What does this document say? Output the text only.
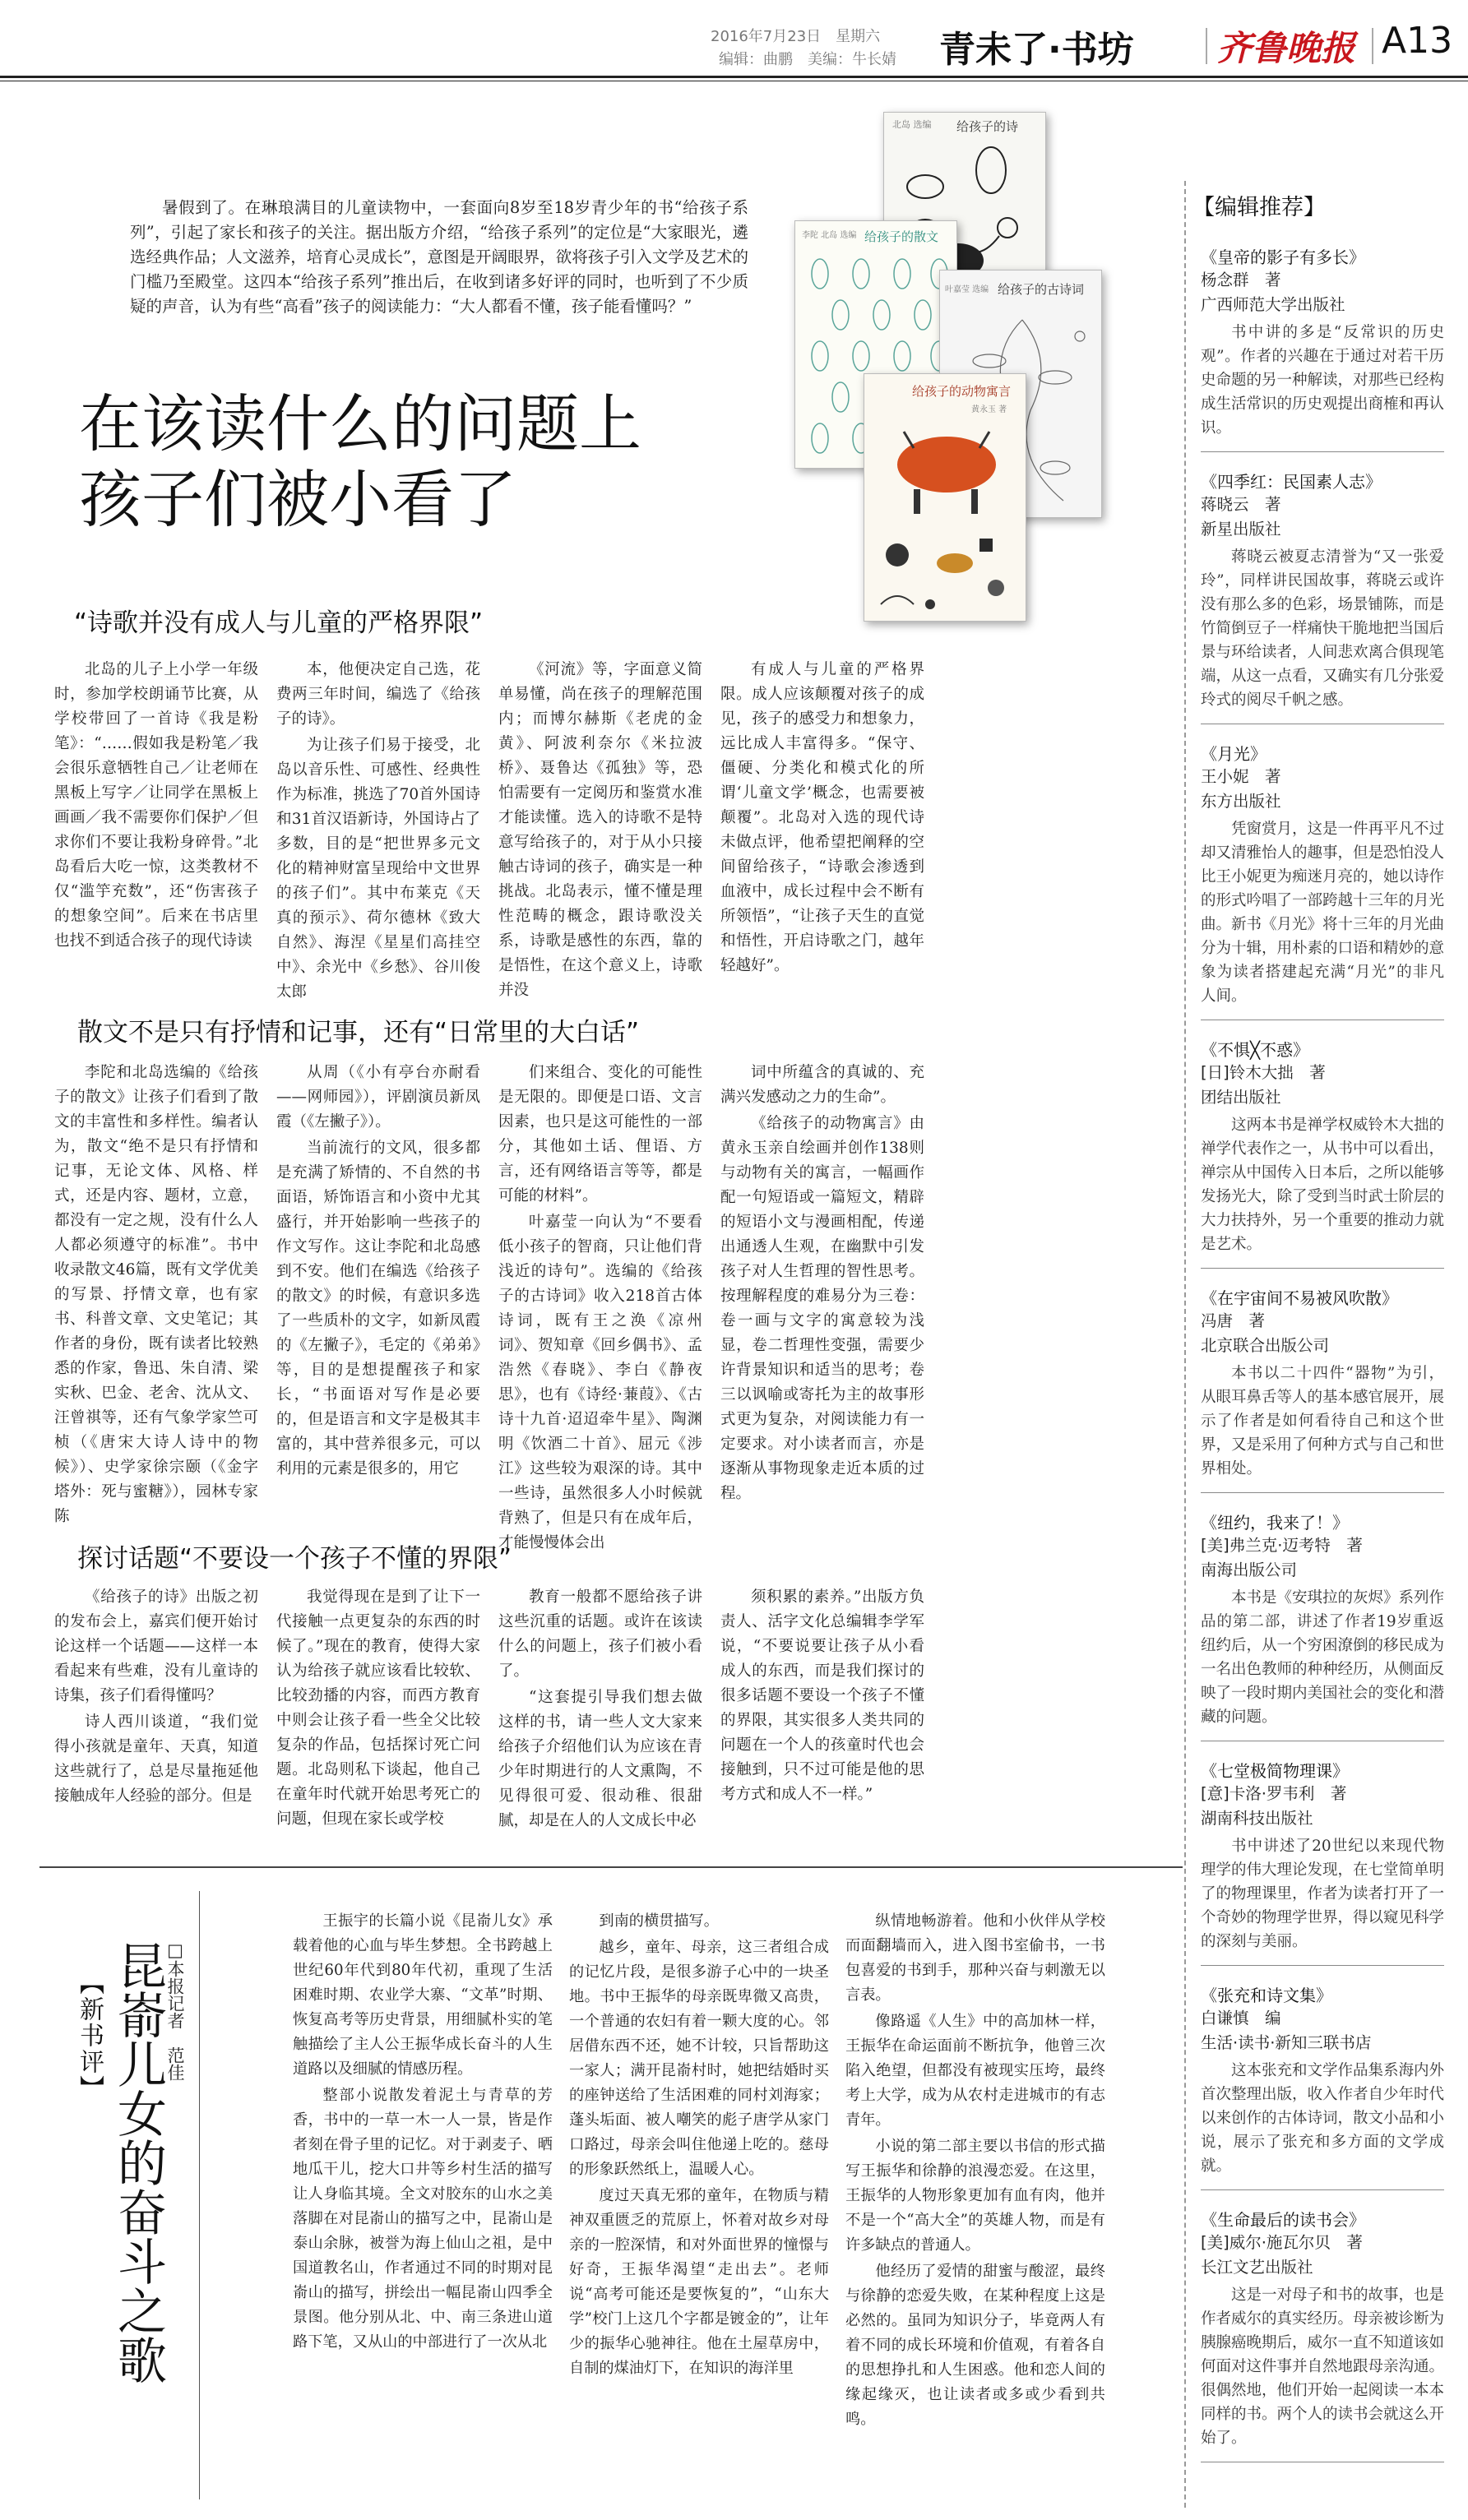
2016年7月23日　星期六
编辑：曲鹏　美编：牛长婧 青未了·书坊 齐鲁晚报 A13
暑假到了。在琳琅满目的儿童读物中，一套面向8岁至18岁青少年的书“给孩子系列”，引起了家长和孩子的关注。据出版方介绍，“给孩子系列”的定位是“大家眼光，遴选经典作品；人文滋养，培育心灵成长”，意图是开阔眼界，欲将孩子引入文学及艺术的门槛乃至殿堂。这四本“给孩子系列”推出后，在收到诸多好评的同时，也听到了不少质疑的声音，认为有些“高看”孩子的阅读能力：“大人都看不懂，孩子能看懂吗？”
北岛 选编 给孩子的诗
李陀 北岛 选编 给孩子的散文
叶嘉莹 选编 给孩子的古诗词
给孩子的动物寓言
黄永玉 著
在该读什么的问题上
孩子们被小看了
“诗歌并没有成人与儿童的严格界限”

北岛的儿子上小学一年级时，参加学校朗诵节比赛，从学校带回了一首诗《我是粉笔》：“……假如我是粉笔／我会很乐意牺牲自己／让老师在黑板上写字／让同学在黑板上画画／我不需要你们保护／但求你们不要让我粉身碎骨。”北岛看后大吃一惊，这类教材不仅“滥竽充数”，还“伤害孩子的想象空间”。后来在书店里也找不到适合孩子的现代诗读

本，他便决定自己选，花费两三年时间，编选了《给孩子的诗》。

为让孩子们易于接受，北岛以音乐性、可感性、经典性作为标准，挑选了70首外国诗和31首汉语新诗，外国诗占了多数，目的是“把世界多元文化的精神财富呈现给中文世界的孩子们”。其中布莱克《天真的预示》、荷尔德林《致大自然》、海涅《星星们高挂空中》、余光中《乡愁》、谷川俊太郎

《河流》等，字面意义简单易懂，尚在孩子的理解范围内；而博尔赫斯《老虎的金黄》、阿波利奈尔《米拉波桥》、聂鲁达《孤独》等，恐怕需要有一定阅历和鉴赏水准才能读懂。选入的诗歌不是特意写给孩子的，对于从小只接触古诗词的孩子，确实是一种挑战。北岛表示，懂不懂是理性范畴的概念，跟诗歌没关系，诗歌是感性的东西，靠的是悟性，在这个意义上，诗歌并没

有成人与儿童的严格界限。成人应该颠覆对孩子的成见，孩子的感受力和想象力，远比成人丰富得多。“保守、僵硬、分类化和模式化的所谓‘儿童文学’概念，也需要被颠覆”。北岛对入选的现代诗未做点评，他希望把阐释的空间留给孩子，“诗歌会渗透到血液中，成长过程中会不断有所领悟”，“让孩子天生的直觉和悟性，开启诗歌之门，越年轻越好”。

散文不是只有抒情和记事，还有“日常里的大白话”

李陀和北岛选编的《给孩子的散文》让孩子们看到了散文的丰富性和多样性。编者认为，散文“绝不是只有抒情和记事，无论文体、风格、样式，还是内容、题材，立意，都没有一定之规，没有什么人人都必须遵守的标准”。书中收录散文46篇，既有文学优美的写景、抒情文章，也有家书、科普文章、文史笔记；其作者的身份，既有读者比较熟悉的作家，鲁迅、朱自清、梁实秋、巴金、老舍、沈从文、汪曾祺等，还有气象学家竺可桢（《唐宋大诗人诗中的物候》）、史学家徐宗颐（《金字塔外：死与蜜糖》），园林专家陈

从周（《小有亭台亦耐看——网师园》），评剧演员新凤霞（《左撇子》）。

当前流行的文风，很多都是充满了矫情的、不自然的书面语，矫饰语言和小资中尤其盛行，并开始影响一些孩子的作文写作。这让李陀和北岛感到不安。他们在编选《给孩子的散文》的时候，有意识多选了一些质朴的文字，如新凤霞的《左撇子》，毛定的《弟弟》等，目的是想提醒孩子和家长，“书面语对写作是必要的，但是语言和文字是极其丰富的，其中营养很多元，可以利用的元素是很多的，用它

们来组合、变化的可能性是无限的。即便是口语、文言因素，也只是这可能性的一部分，其他如土话、俚语、方言，还有网络语言等等，都是可能的材料”。

叶嘉莹一向认为“不要看低小孩子的智商，只让他们背浅近的诗句”。选编的《给孩子的古诗词》收入218首古体诗词，既有王之涣《凉州词》、贺知章《回乡偶书》、孟浩然《春晓》、李白《静夜思》，也有《诗经·蒹葭》、《古诗十九首·迢迢牵牛星》、陶渊明《饮酒二十首》、屈元《涉江》这些较为艰深的诗。其中一些诗，虽然很多人小时候就背熟了，但是只有在成年后，才能慢慢体会出

词中所蕴含的真诚的、充满兴发感动之力的生命”。

《给孩子的动物寓言》由黄永玉亲自绘画并创作138则与动物有关的寓言，一幅画作配一句短语或一篇短文，精辟的短语小文与漫画相配，传递出通透人生观，在幽默中引发孩子对人生哲理的智性思考。按理解程度的难易分为三卷：卷一画与文字的寓意较为浅显，卷二哲理性变强，需要少许背景知识和适当的思考；卷三以讽喻或寄托为主的故事形式更为复杂，对阅读能力有一定要求。对小读者而言，亦是逐渐从事物现象走近本质的过程。

探讨话题“不要设一个孩子不懂的界限”

《给孩子的诗》出版之初的发布会上，嘉宾们便开始讨论这样一个话题——这样一本看起来有些难，没有儿童诗的诗集，孩子们看得懂吗？

诗人西川谈道，“我们觉得小孩就是童年、天真，知道这些就行了，总是尽量拖延他接触成年人经验的部分。但是

我觉得现在是到了让下一代接触一点更复杂的东西的时候了。”现在的教育，使得大家认为给孩子就应该看比较软、比较劲播的内容，而西方教育中则会让孩子看一些全父比较复杂的作品，包括探讨死亡问题。北岛则私下谈起，他自己在童年时代就开始思考死亡的问题，但现在家长或学校

教育一般都不愿给孩子讲这些沉重的话题。或许在该读什么的问题上，孩子们被小看了。

“这套提引导我们想去做这样的书，请一些人文大家来给孩子介绍他们认为应该在青少年时期进行的人文熏陶，不见得很可爱、很动稚、很甜腻，却是在人的人文成长中必

须积累的素养。”出版方负责人、活字文化总编辑李学军说，“不要说要让孩子从小看成人的东西，而是我们探讨的很多话题不要设一个孩子不懂的界限，其实很多人类共同的问题在一个人的孩童时代也会接触到，只不过可能是他的思考方式和成人不一样。”

【新书评】 昆嵛儿女的奋斗之歌
□本报记者　范佳

王振宇的长篇小说《昆嵛儿女》承载着他的心血与毕生梦想。全书跨越上世纪60年代到80年代初，重现了生活困难时期、农业学大寨、“文革”时期、恢复高考等历史背景，用细腻朴实的笔触描绘了主人公王振华成长奋斗的人生道路以及细腻的情感历程。

整部小说散发着泥土与青草的芳香，书中的一草一木一人一景，皆是作者刻在骨子里的记忆。对于剥麦子、晒地瓜干儿，挖大口井等乡村生活的描写让人身临其境。全文对胶东的山水之美落脚在对昆嵛山的描写之中，昆嵛山是泰山余脉，被誉为海上仙山之祖，是中国道教名山，作者通过不同的时期对昆嵛山的描写，拼绘出一幅昆嵛山四季全景图。他分别从北、中、南三条进山道路下笔，又从山的中部进行了一次从北

到南的横贯描写。

越乡，童年、母亲，这三者组合成的记忆片段，是很多游子心中的一块圣地。书中王振华的母亲既卑微又高贵，一个普通的农妇有着一颗大度的心。邻居借东西不还，她不计较，只旨帮助这一家人；满开昆嵛村时，她把结婚时买的座钟送给了生活困难的同村刘海家；蓬头垢面、被人嘲笑的彪子唐学从家门口路过，母亲会叫住他递上吃的。慈母的形象跃然纸上，温暖人心。

度过天真无邪的童年，在物质与精神双重匮乏的荒原上，怀着对故乡对母亲的一腔深情，和对外面世界的憧憬与好奇，王振华渴望“走出去”。老师说“高考可能还是要恢复的”，“山东大学”校门上这几个字都是镀金的”，让年少的振华心驰神往。他在土屋草房中，自制的煤油灯下，在知识的海洋里

纵情地畅游着。他和小伙伴从学校而面翻墙而入，进入图书室偷书，一书包喜爱的书到手，那种兴奋与刺激无以言表。

像路遥《人生》中的高加林一样，王振华在命运面前不断抗争，他曾三次陷入绝望，但都没有被现实压垮，最终考上大学，成为从农村走进城市的有志青年。

小说的第二部主要以书信的形式描写王振华和徐静的浪漫恋爱。在这里，王振华的人物形象更加有血有肉，他并不是一个“高大全”的英雄人物，而是有许多缺点的普通人。

他经历了爱情的甜蜜与酸涩，最终与徐静的恋爱失败，在某种程度上这是必然的。虽同为知识分子，毕竟两人有着不同的成长环境和价值观，有着各自的思想挣扎和人生困惑。他和恋人间的缘起缘灭，也让读者或多或少看到共鸣。

【编辑推荐】
《皇帝的影子有多长》
杨念群　著
广西师范大学出版社

书中讲的多是“反常识的历史观”。作者的兴趣在于通过对若干历史命题的另一种解读，对那些已经构成生活常识的历史观提出商榷和再认识。

《四季红：民国素人志》
蒋晓云　著
新星出版社

蒋晓云被夏志清誉为“又一张爱玲”，同样讲民国故事，蒋晓云或许没有那么多的色彩，场景铺陈，而是竹简倒豆子一样痛快干脆地把当国后景与环给读者，人间悲欢离合俱现笔端，从这一点看，又确实有几分张爱玲式的阅尽千帆之感。

《月光》
王小妮　著
东方出版社

凭窗赏月，这是一件再平凡不过却又清雅怡人的趣事，但是恐怕没人比王小妮更为痴迷月亮的，她以诗作的形式吟唱了一部跨越十三年的月光曲。新书《月光》将十三年的月光曲分为十辑，用朴素的口语和精妙的意象为读者搭建起充满“月光”的非凡人间。

《不惧╳不惑》
[日]铃木大拙　著
团结出版社

这两本书是禅学权威铃木大拙的禅学代表作之一，从书中可以看出，禅宗从中国传入日本后，之所以能够发扬光大，除了受到当时武士阶层的大力扶持外，另一个重要的推动力就是艺术。

《在宇宙间不易被风吹散》
冯唐　著
北京联合出版公司

本书以二十四件“器物”为引，从眼耳鼻舌等人的基本感官展开，展示了作者是如何看待自己和这个世界，又是采用了何种方式与自己和世界相处。

《纽约，我来了！》
[美]弗兰克·迈考特　著
南海出版公司

本书是《安琪拉的灰烬》系列作品的第二部，讲述了作者19岁重返纽约后，从一个穷困潦倒的移民成为一名出色教师的种种经历，从侧面反映了一段时期内美国社会的变化和潜藏的问题。

《七堂极简物理课》
[意]卡洛·罗韦利　著
湖南科技出版社

书中讲述了20世纪以来现代物理学的伟大理论发现，在七堂简单明了的物理课里，作者为读者打开了一个奇妙的物理学世界，得以窥见科学的深刻与美丽。

《张充和诗文集》
白谦慎　编
生活·读书·新知三联书店

这本张充和文学作品集系海内外首次整理出版，收入作者自少年时代以来创作的古体诗词，散文小品和小说，展示了张充和多方面的文学成就。

《生命最后的读书会》
[美]威尔·施瓦尔贝　著
长江文艺出版社

这是一对母子和书的故事，也是作者威尔的真实经历。母亲被诊断为胰腺癌晚期后，威尔一直不知道该如何面对这件事并自然地跟母亲沟通。很偶然地，他们开始一起阅读一本本同样的书。两个人的读书会就这么开始了。
